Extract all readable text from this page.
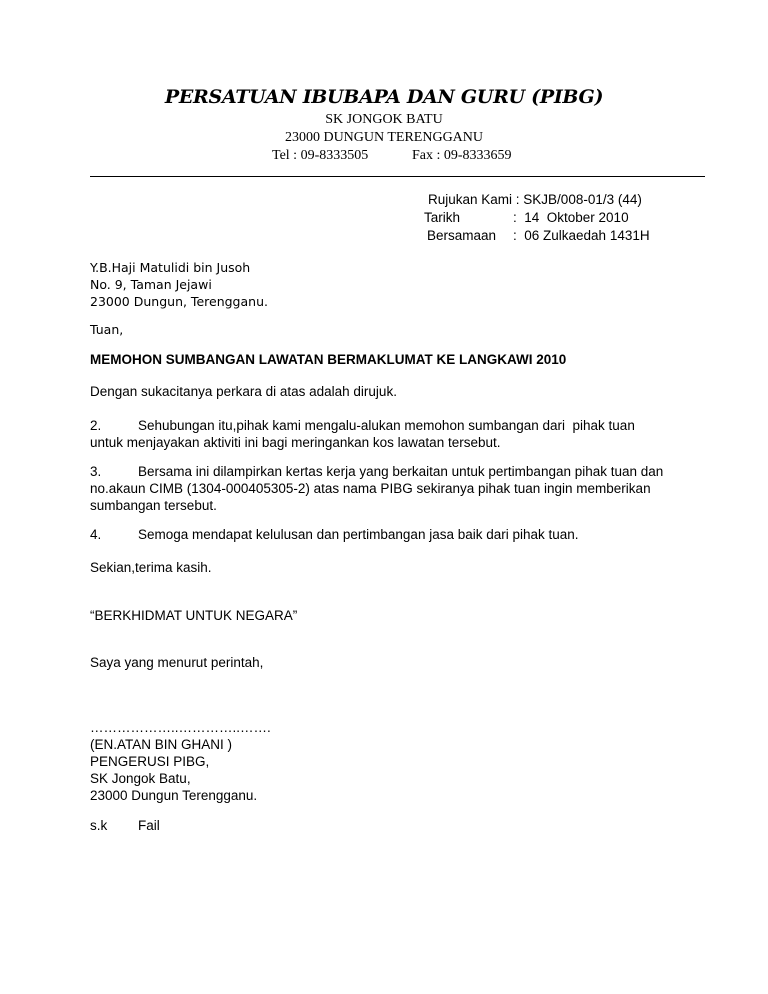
PERSATUAN IBUBAPA DAN GURU (PIBG)
SK JONGOK BATU
23000 DUNGUN TERENGGANU
Tel : 09-8333505	Fax : 09-8333659
Rujukan Kami : SKJB/008-01/3 (44)
Tarikh	:  14  Oktober 2010
Bersamaan :  06 Zulkaedah 1431H
Y.B.Haji Matulidi bin Jusoh
No. 9, Taman Jejawi
23000 Dungun, Terengganu.
Tuan,
MEMOHON SUMBANGAN LAWATAN BERMAKLUMAT KE LANGKAWI 2010
Dengan sukacitanya perkara di atas adalah dirujuk.
2.	Sehubungan itu,pihak kami mengalu-alukan memohon sumbangan dari  pihak tuan
untuk menjayakan aktiviti ini bagi meringankan kos lawatan tersebut.
3.	Bersama ini dilampirkan kertas kerja yang berkaitan untuk pertimbangan pihak tuan dan
no.akaun CIMB (1304-000405305-2) atas nama PIBG sekiranya pihak tuan ingin memberikan
sumbangan tersebut.
4.	Semoga mendapat kelulusan dan pertimbangan jasa baik dari pihak tuan.
Sekian,terima kasih.
“BERKHIDMAT UNTUK NEGARA”
Saya yang menurut perintah,
………………..…………..…….
(EN.ATAN BIN GHANI )
PENGERUSI PIBG,
SK Jongok Batu,
23000 Dungun Terengganu.
s.k Fail
